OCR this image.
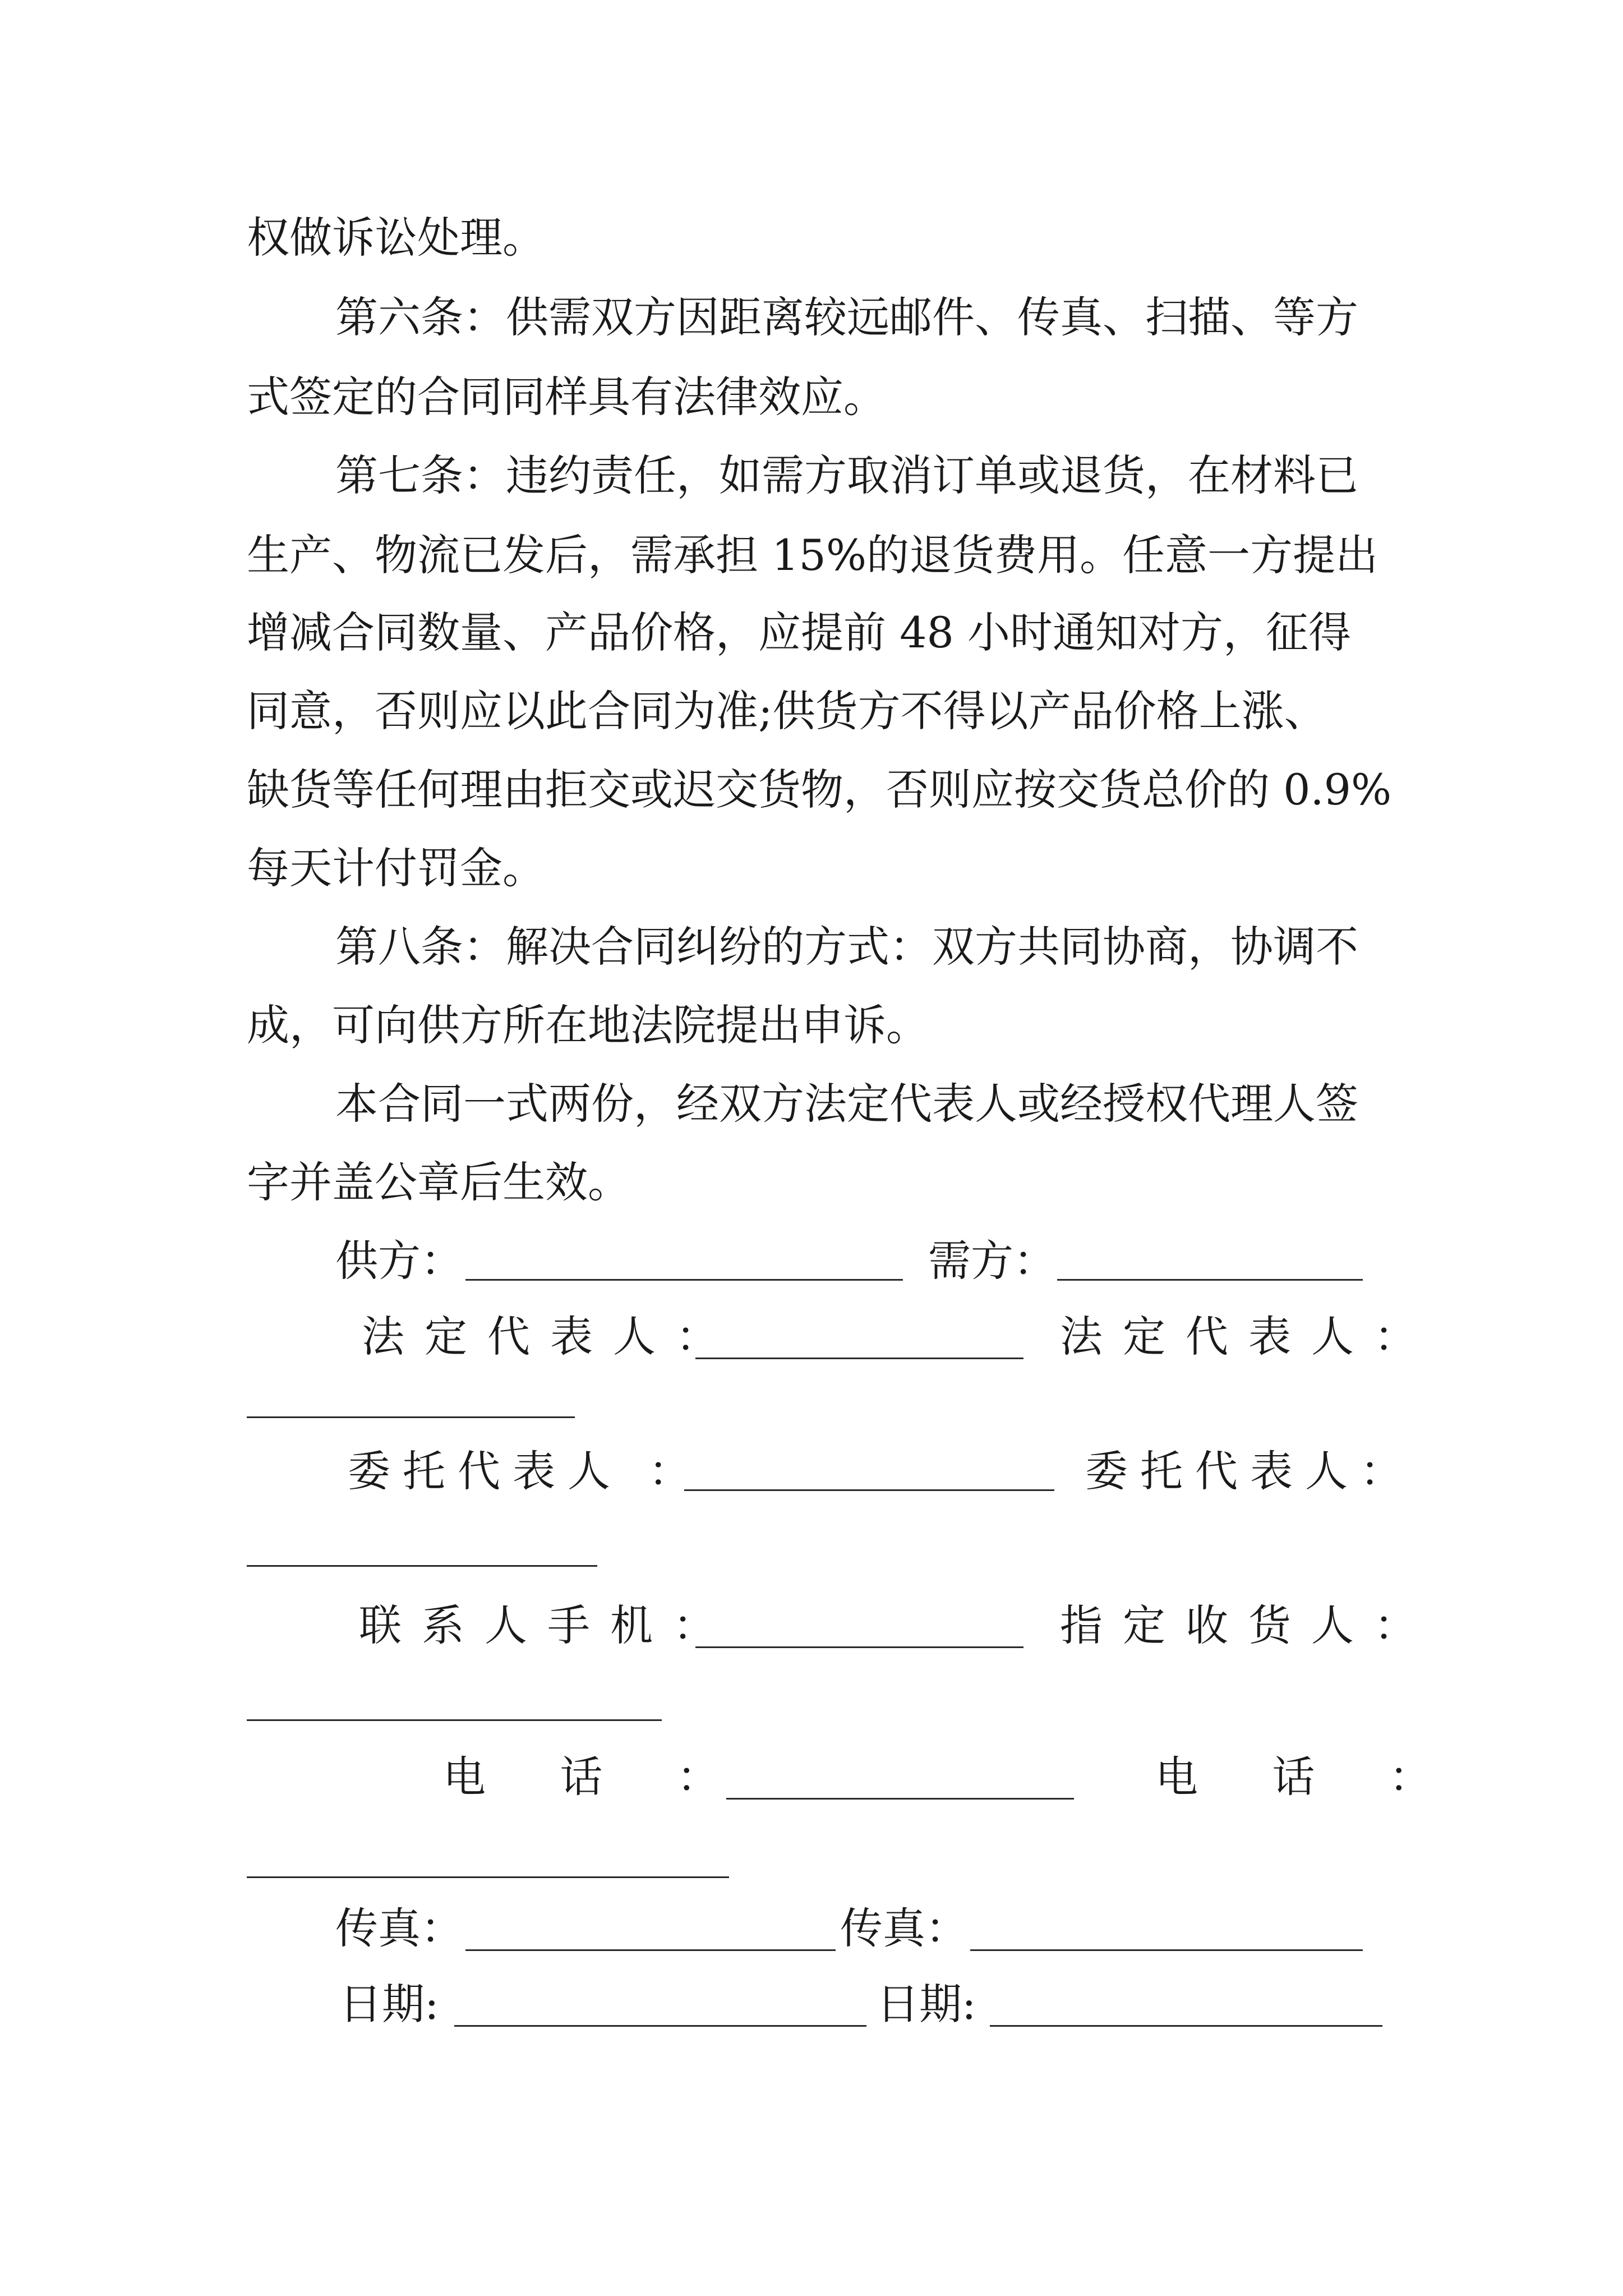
权做诉讼处理。
第六条：供需双方因距离较远邮件、传真、扫描、等方
式签定的合同同样具有法律效应。
第七条：违约责任，如需方取消订单或退货，在材料已
生产、物流已发后，需承担 15%的退货费用。任意一方提出
增减合同数量、产品价格，应提前 48 小时通知对方，征得
同意，否则应以此合同为准;供货方不得以产品价格上涨、
缺货等任何理由拒交或迟交货物，否则应按交货总价的 0.9%
每天计付罚金。
第八条：解决合同纠纷的方式：双方共同协商，协调不
成，可向供方所在地法院提出申诉。
本合同一式两份，经双方法定代表人或经授权代理人签
字并盖公章后生效。
供方：	需方：
法定代表人：	法定代表人：
委托代表人 ：	委托代表人：
联系人手机：	指定收货人：
电  话  ：	电  话  ：
传真：	传真：
日期:	日期:
